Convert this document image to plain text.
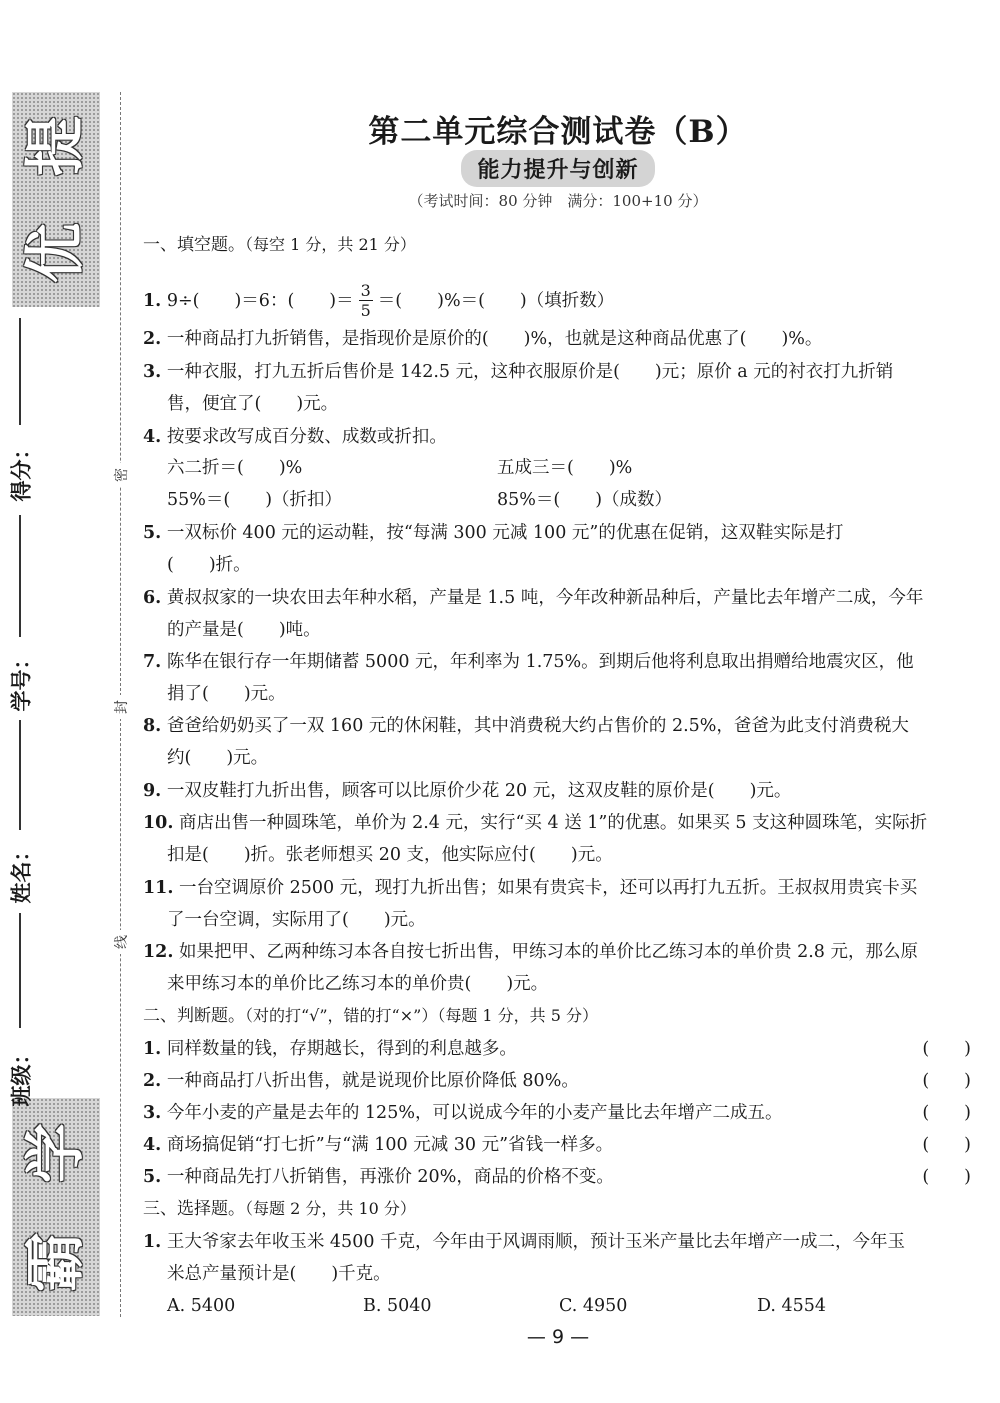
提
优
学
霸
得分：
学号：
姓名：
班级：
密
封
线
第二单元综合测试卷（B）
能力提升与创新
（考试时间：80 分钟　满分：100+10 分）
一、填空题。（每空 1 分，共 21 分）
1. 9÷(　　)＝6：(　　)＝ $\frac{3}{5}$ ＝(　　)%＝(　　)（填折数）
2. 一种商品打九折销售，是指现价是原价的(　　)%，也就是这种商品优惠了(　　)%。
3. 一种衣服，打九五折后售价是 142.5 元，这种衣服原价是(　　)元；原价 a 元的衬衣打九折销
售，便宜了(　　)元。
4. 按要求改写成百分数、成数或折扣。
六二折＝(　　)%	五成三＝(　　)%
55%＝(　　)（折扣）	85%＝(　　)（成数）
5. 一双标价 400 元的运动鞋，按“每满 300 元减 100 元”的优惠在促销，这双鞋实际是打
(　　)折。
6. 黄叔叔家的一块农田去年种水稻，产量是 1.5 吨，今年改种新品种后，产量比去年增产二成，今年
的产量是(　　)吨。
7. 陈华在银行存一年期储蓄 5000 元，年利率为 1.75%。到期后他将利息取出捐赠给地震灾区，他
捐了(　　)元。
8. 爸爸给奶奶买了一双 160 元的休闲鞋，其中消费税大约占售价的 2.5%，爸爸为此支付消费税大
约(　　)元。
9. 一双皮鞋打九折出售，顾客可以比原价少花 20 元，这双皮鞋的原价是(　　)元。
10. 商店出售一种圆珠笔，单价为 2.4 元，实行“买 4 送 1”的优惠。如果买 5 支这种圆珠笔，实际折
扣是(　　)折。张老师想买 20 支，他实际应付(　　)元。
11. 一台空调原价 2500 元，现打九折出售；如果有贵宾卡，还可以再打九五折。王叔叔用贵宾卡买
了一台空调，实际用了(　　)元。
12. 如果把甲、乙两种练习本各自按七折出售，甲练习本的单价比乙练习本的单价贵 2.8 元，那么原
来甲练习本的单价比乙练习本的单价贵(　　)元。
二、判断题。（对的打“√”，错的打“×”）（每题 1 分，共 5 分）
1. 同样数量的钱，存期越长，得到的利息越多。	(　　)
2. 一种商品打八折出售，就是说现价比原价降低 80%。	(　　)
3. 今年小麦的产量是去年的 125%，可以说成今年的小麦产量比去年增产二成五。	(　　)
4. 商场搞促销“打七折”与“满 100 元减 30 元”省钱一样多。	(　　)
5. 一种商品先打八折销售，再涨价 20%，商品的价格不变。	(　　)
三、选择题。（每题 2 分，共 10 分）
1. 王大爷家去年收玉米 4500 千克，今年由于风调雨顺，预计玉米产量比去年增产一成二，今年玉
米总产量预计是(　　)千克。
A. 5400	B. 5040	C. 4950	D. 4554
— 9 —
